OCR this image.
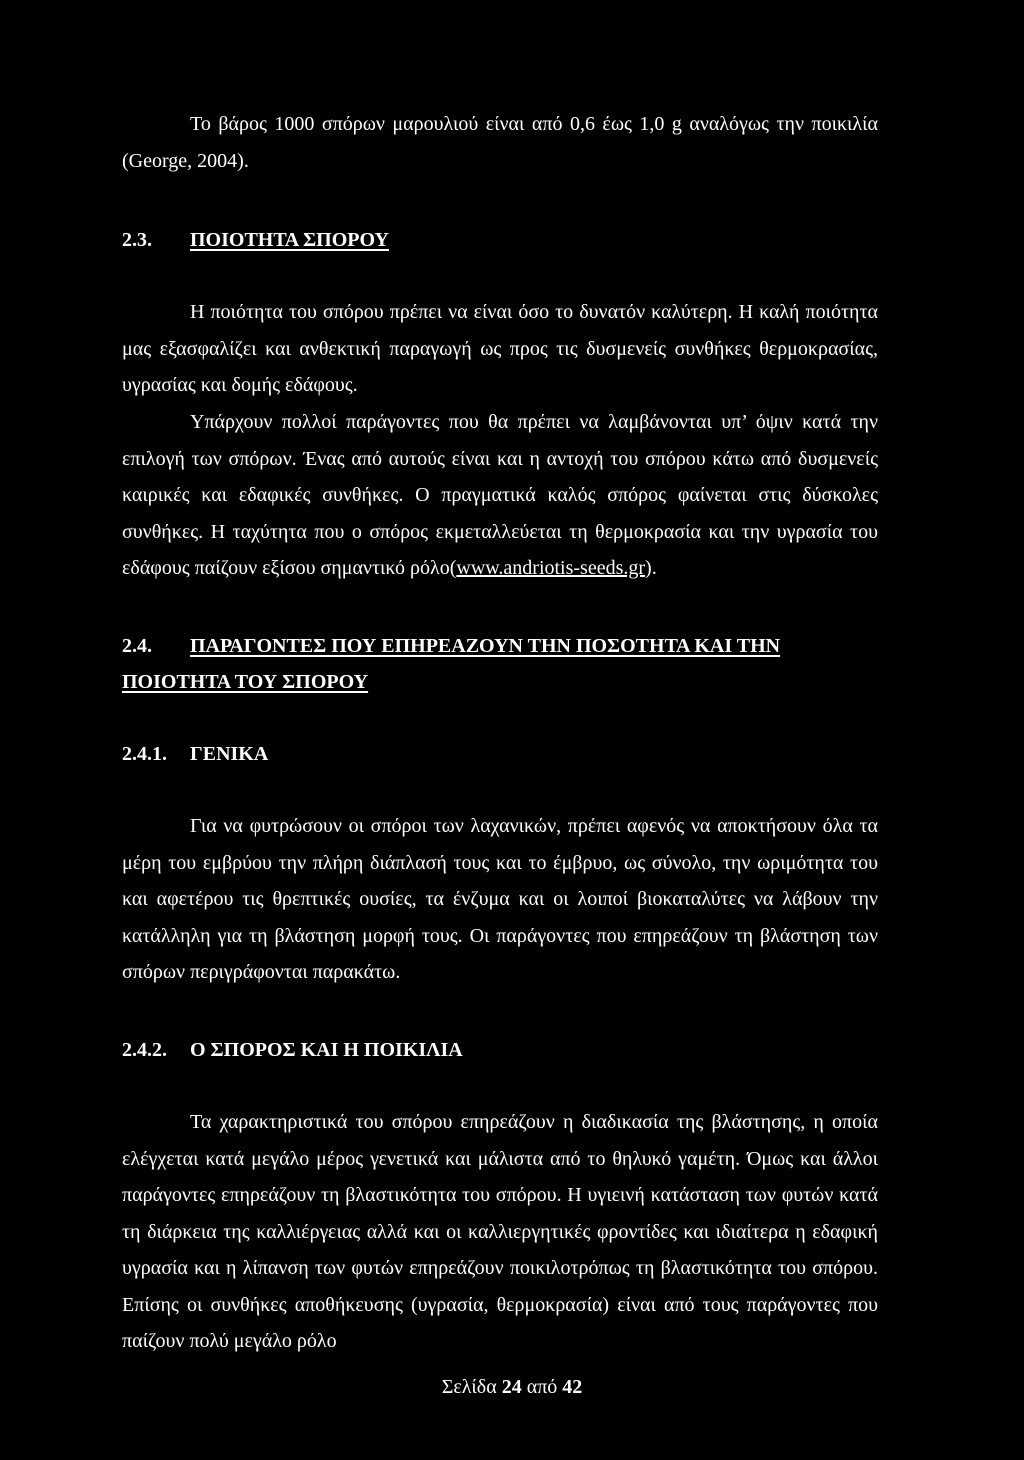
Το βάρος 1000 σπόρων μαρουλιού είναι από 0,6 έως 1,0 g αναλόγως την ποικιλία (George, 2004).

2.3. ΠΟΙΟΤΗΤΑ ΣΠΟΡΟΥ

Η ποιότητα του σπόρου πρέπει να είναι όσο το δυνατόν καλύτερη. Η καλή ποιότητα μας εξασφαλίζει και ανθεκτική παραγωγή ως προς τις δυσμενείς συνθήκες θερμοκρασίας, υγρασίας και δομής εδάφους.

Υπάρχουν πολλοί παράγοντες που θα πρέπει να λαμβάνονται υπ’ όψιν κατά την επιλογή των σπόρων. Ένας από αυτούς είναι και η αντοχή του σπόρου κάτω από δυσμενείς καιρικές και εδαφικές συνθήκες. Ο πραγματικά καλός σπόρος φαίνεται στις δύσκολες συνθήκες. Η ταχύτητα που ο σπόρος εκμεταλλεύεται τη θερμοκρασία και την υγρασία του εδάφους παίζουν εξίσου σημαντικό ρόλο(www.andriotis-seeds.gr).

2.4. ΠΑΡΑΓΟΝΤΕΣ ΠΟΥ ΕΠΗΡΕΑΖΟΥΝ ΤΗΝ ΠΟΣΟΤΗΤΑ ΚΑΙ ΤΗΝ ΠΟΙΟΤΗΤΑ ΤΟΥ ΣΠΟΡΟΥ
2.4.1. ΓΕΝΙΚΑ

Για να φυτρώσουν οι σπόροι των λαχανικών, πρέπει αφενός να αποκτήσουν όλα τα μέρη του εμβρύου την πλήρη διάπλασή τους και το έμβρυο, ως σύνολο, την ωριμότητα του και αφετέρου τις θρεπτικές ουσίες, τα ένζυμα και οι λοιποί βιοκαταλύτες να λάβουν την κατάλληλη για τη βλάστηση μορφή τους. Οι παράγοντες που επηρεάζουν τη βλάστηση των σπόρων περιγράφονται παρακάτω.

2.4.2. Ο ΣΠΟΡΟΣ ΚΑΙ Η ΠΟΙΚΙΛΙΑ

Τα χαρακτηριστικά του σπόρου επηρεάζουν η διαδικασία της βλάστησης, η οποία ελέγχεται κατά μεγάλο μέρος γενετικά και μάλιστα από το θηλυκό γαμέτη. Όμως και άλλοι παράγοντες επηρεάζουν τη βλαστικότητα του σπόρου. Η υγιεινή κατάσταση των φυτών κατά τη διάρκεια της καλλιέργειας αλλά και οι καλλιεργητικές φροντίδες και ιδιαίτερα η εδαφική υγρασία και η λίπανση των φυτών επηρεάζουν ποικιλοτρόπως τη βλαστικότητα του σπόρου. Επίσης οι συνθήκες αποθήκευσης (υγρασία, θερμοκρασία) είναι από τους παράγοντες που παίζουν πολύ μεγάλο ρόλο

Σελίδα 24 από 42
